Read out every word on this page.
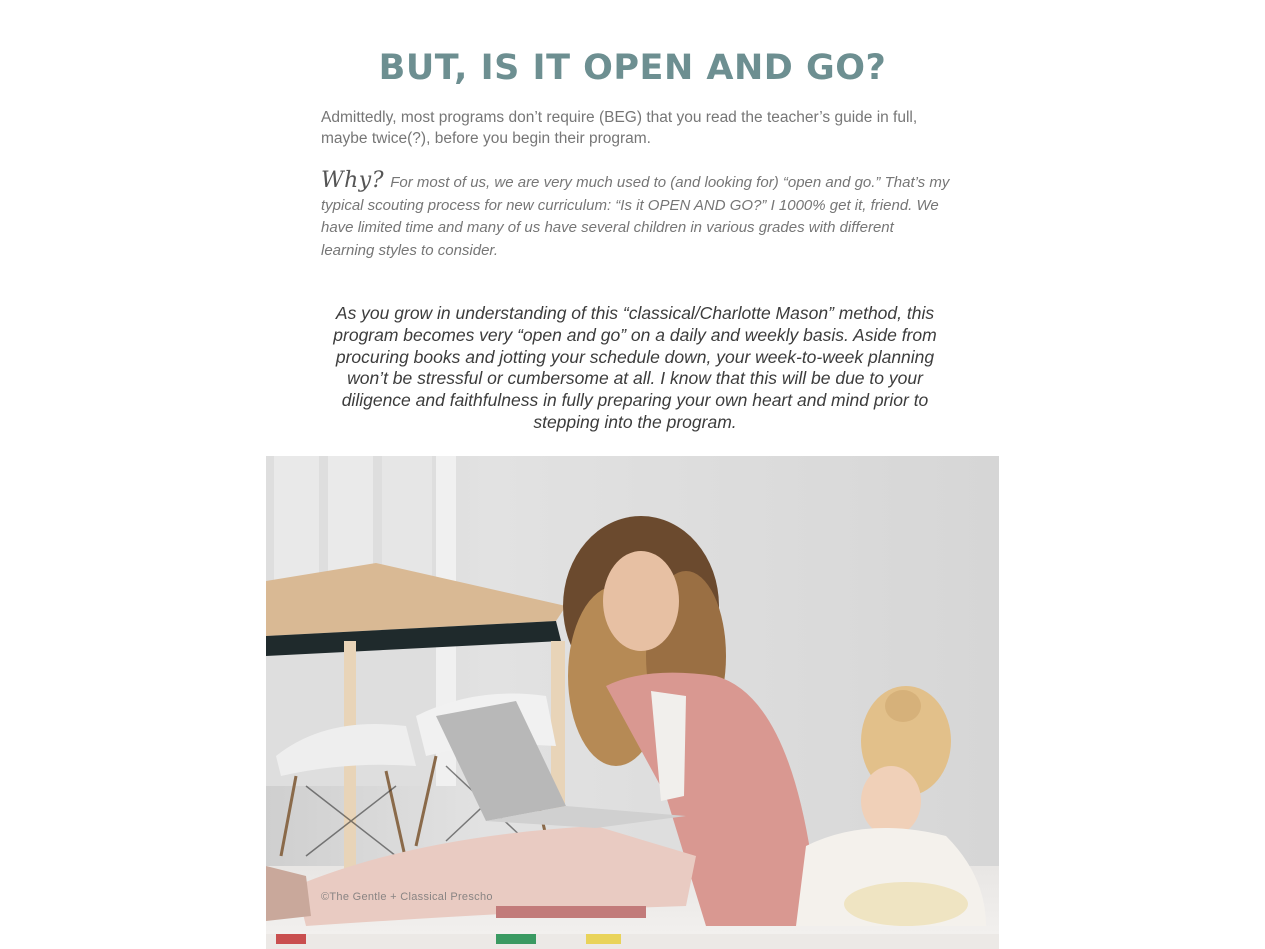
BUT, IS IT OPEN AND GO?

Admittedly, most programs don’t require (BEG) that you read the teacher’s guide in full, maybe twice(?), before you begin their program.

Why? For most of us, we are very much used to (and looking for) “open and go.” That’s my typical scouting process for new curriculum: “Is it OPEN AND GO?” I 1000% get it, friend. We have limited time and many of us have several children in various grades with different learning styles to consider.

As you grow in understanding of this “classical/Charlotte Mason” method, this program becomes very “open and go” on a daily and weekly basis. Aside from procuring books and jotting your schedule down, your week-to-week planning won’t be stressful or cumbersome at all. I know that this will be due to your diligence and faithfulness in fully preparing your own heart and mind prior to stepping into the program.

©The Gentle + Classical Prescho
